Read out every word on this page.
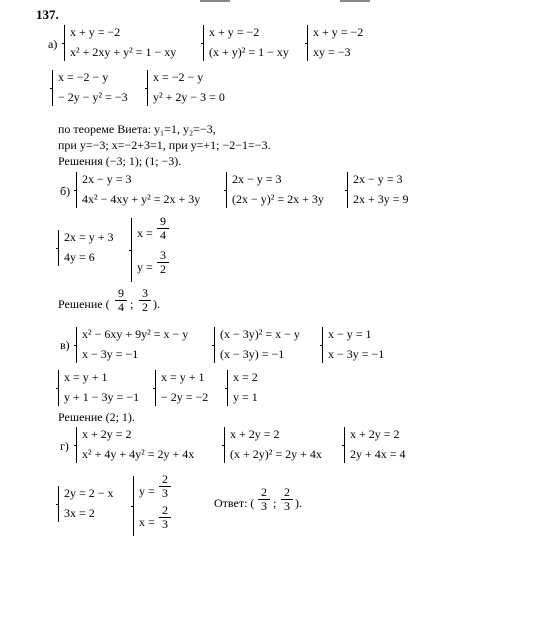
137.
а)
x + y = −2
x² + 2xy + y² = 1 − xy
x + y = −2
(x + y)² = 1 − xy
x + y = −2
xy = −3
x = −2 − y
− 2y − y² = −3
x = −2 − y
y² + 2y − 3 = 0
по теореме Виета: y₁=1, y₂=−3,
при y=−3; x=−2+3=1, при y=+1; −2−1=−3.
Решения (−3; 1); (1; −3).
б)
2x − y = 3
4x² − 4xy + y² = 2x + 3y
2x − y = 3
(2x − y)² = 2x + 3y
2x − y = 3
2x + 3y = 9
2x = y + 3
4y = 6
x =
9
4
y =
3
2
Решение (
9
4 ;
3
2 ).
в)
x² − 6xy + 9y² = x − y
x − 3y = −1
(x − 3y)² = x − y
(x − 3y) = −1
x − y = 1
x − 3y = −1
x = y + 1
y + 1 − 3y = −1
x = y + 1
− 2y = −2
x = 2
y = 1
Решение (2; 1).
г)
x + 2y = 2
x² + 4y + 4y² = 2y + 4x
x + 2y = 2
(x + 2y)² = 2y + 4x
x + 2y = 2
2y + 4x = 4
2y = 2 − x
3x = 2
y =
2
3
x =
2
3
Ответ: (
2
3 ;
2
3 ).
